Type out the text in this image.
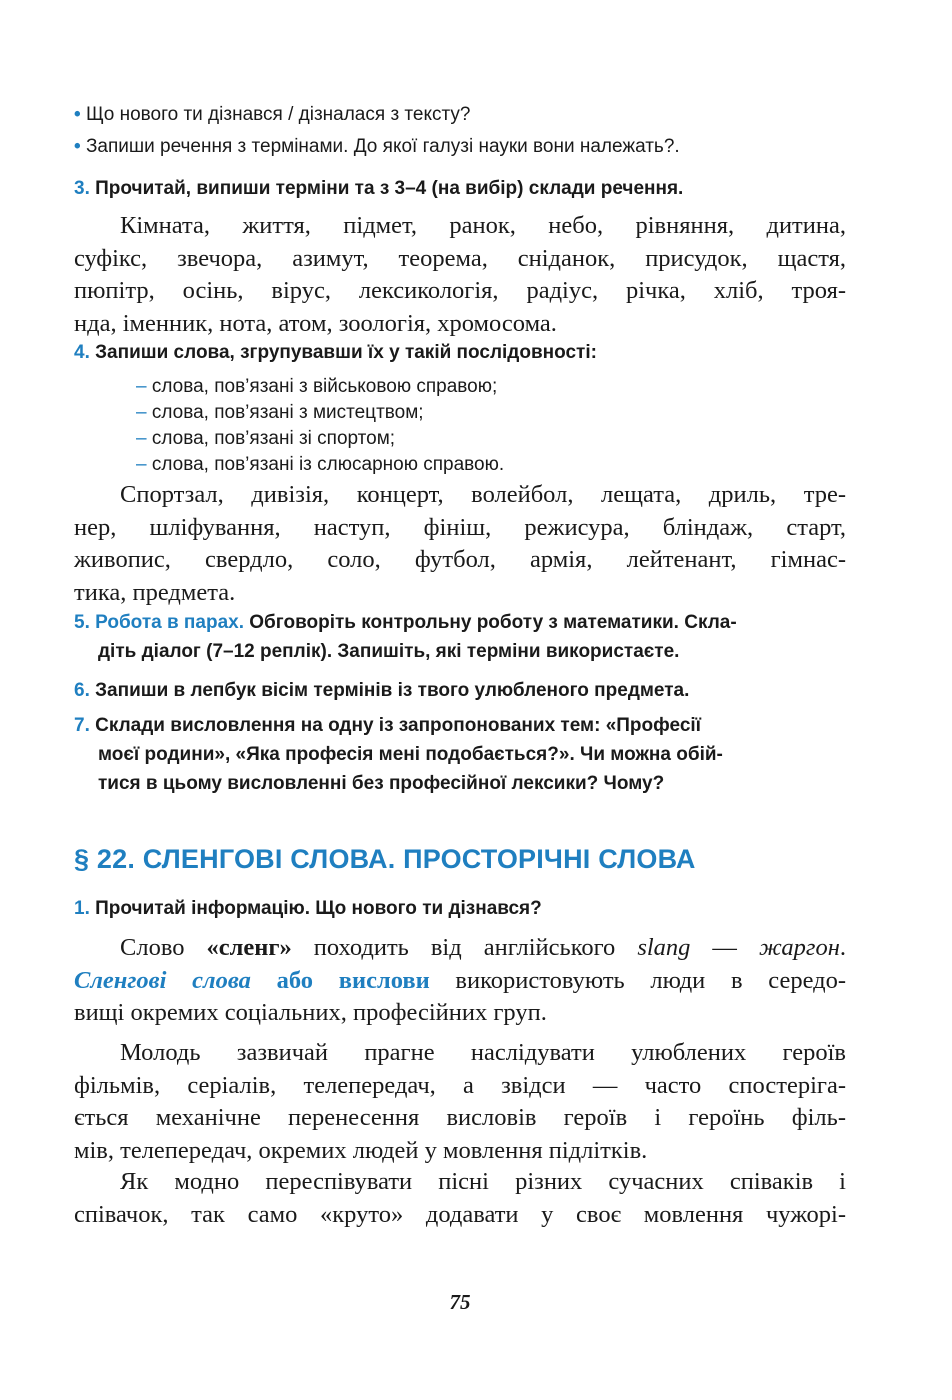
• Що нового ти дізнався / дізналася з тексту?
• Запиши речення з термінами. До якої галузі науки вони належать?.
3. Прочитай, випиши терміни та з 3–4 (на вибір) склади речення.
Кімната, життя, підмет, ранок, небо, рівняння, дитина,
суфікс, звечора, азимут, теорема, сніданок, присудок, щастя,
пюпітр, осінь, вірус, лексикологія, радіус, річка, хліб, троя-
нда, іменник, нота, атом, зоологія, хромосома.
4. Запиши слова, згрупувавши їх у такій послідовності:
– слова, пов’язані з військовою справою;
– слова, пов’язані з мистецтвом;
– слова, пов’язані зі спортом;
– слова, пов’язані із слюсарною справою.
Спортзал, дивізія, концерт, волейбол, лещата, дриль, тре-
нер, шліфування, наступ, фініш, режисура, бліндаж, старт,
живопис, свердло, соло, футбол, армія, лейтенант, гімнас-
тика, предмета.
5. Робота в парах. Обговоріть контрольну роботу з математики. Скла-
діть діалог (7–12 реплік). Запишіть, які терміни використаєте.
6. Запиши в лепбук вісім термінів із твого улюбленого предмета.
7. Склади висловлення на одну із запропонованих тем: «Професії
моєї родини», «Яка професія мені подобається?». Чи можна обій-
тися в цьому висловленні без професійної лексики? Чому?
§ 22. СЛЕНГОВІ СЛОВА. ПРОСТОРІЧНІ СЛОВА
1. Прочитай інформацію. Що нового ти дізнався?
Слово «сленг» походить від англійського slang — жаргон.
Сленгові слова або вислови використовують люди в середо-
вищі окремих соціальних, професійних груп.
Молодь зазвичай прагне наслідувати улюблених героїв
фільмів, серіалів, телепередач, а звідси — часто спостеріга-
ється механічне перенесення висловів героїв і героїнь філь-
мів, телепередач, окремих людей у мовлення підлітків.
Як модно переспівувати пісні різних сучасних співаків і
співачок, так само «круто» додавати у своє мовлення чужорі-
75
